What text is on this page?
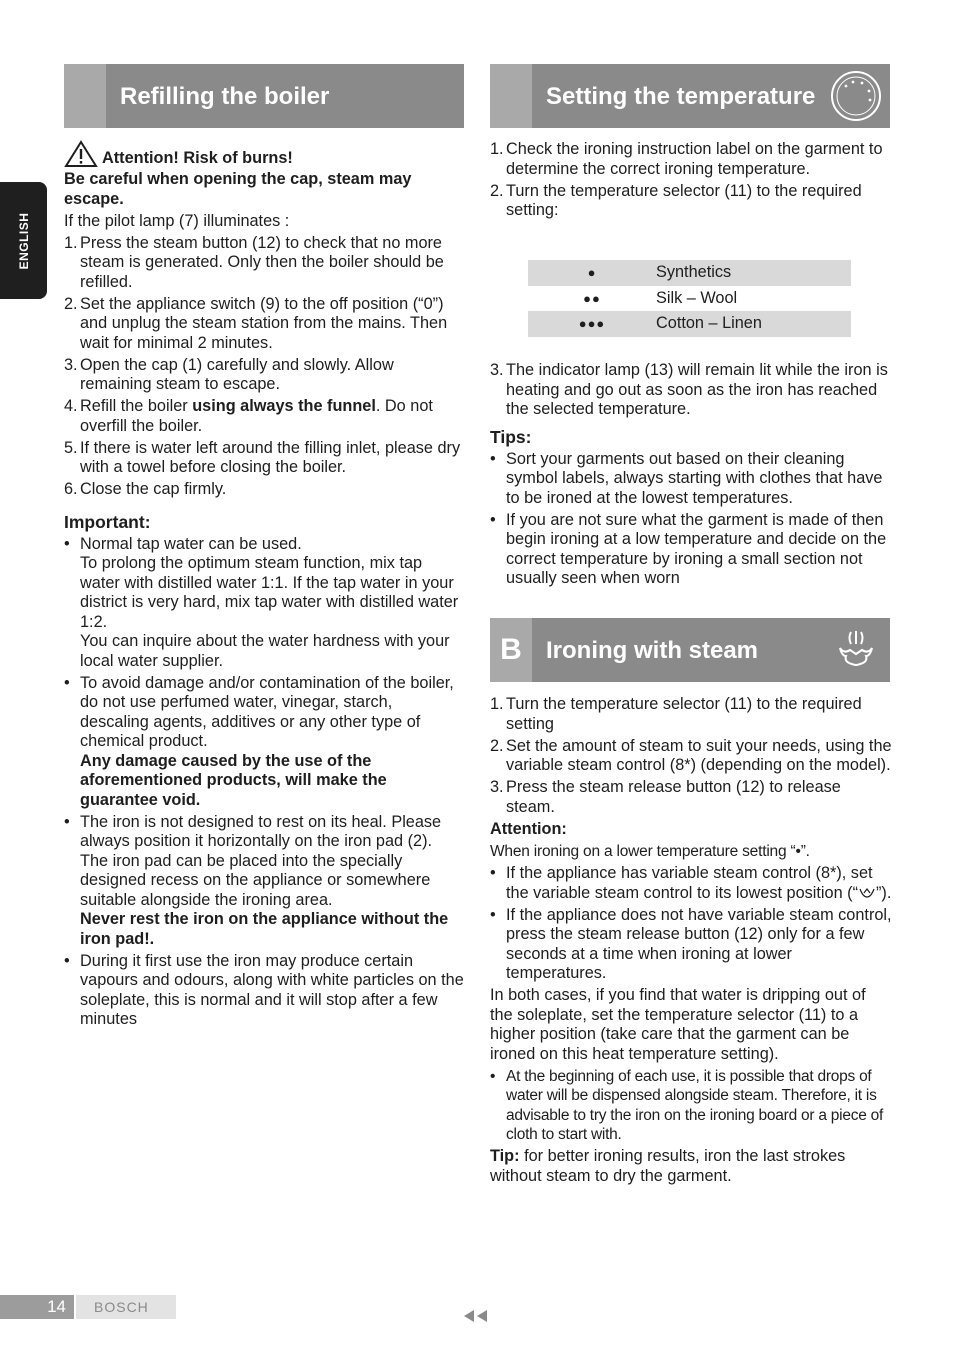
ENGLISH
Refilling the boiler

Attention! Risk of burns!

Be careful when opening the cap, steam may escape.

If the pilot lamp (7) illuminates :

1. Press the steam button (12) to check that no more steam is generated. Only then the boiler should be refilled.
2. Set the appliance switch (9) to the off position (“0”) and unplug the steam station from the mains. Then wait for minimal 2 minutes.
3. Open the cap (1) carefully and slowly. Allow remaining steam to escape.
4. Refill the boiler using always the funnel. Do not overfill the boiler.
5. If there is water left around the filling inlet, please dry with a towel before closing the boiler.
6. Close the cap firmly.

Important:

• Normal tap water can be used.

To prolong the optimum steam function, mix tap water with distilled water 1:1. If the tap water in your district is very hard, mix tap water with distilled water 1:2.

You can inquire about the water hardness with your local water supplier.

• To avoid damage and/or contamination of the boiler, do not use perfumed water, vinegar, starch, descaling agents, additives or any other type of chemical product.

Any damage caused by the use of the aforementioned products, will make the guarantee void.

• The iron is not designed to rest on its heal. Please always position it horizontally on the iron pad (2). The iron pad can be placed into the specially designed recess on the appliance or somewhere suitable alongside the ironing area.

Never rest the iron on the appliance without the iron pad!.

• During it first use the iron may produce certain vapours and odours, along with white particles on the soleplate, this is normal and it will stop after a few minutes
Setting the temperature
1. Check the ironing instruction label on the garment to determine the correct ironing temperature.
2. Turn the temperature selector (11) to the required setting:
●	Synthetics
●●	Silk – Wool
●●●	Cotton – Linen
3. The indicator lamp (13) will remain lit while the iron is heating and go out as soon as the iron has reached the selected temperature.

Tips:

• Sort your garments out based on their cleaning symbol labels, always starting with clothes that have to be ironed at the lowest temperatures.
• If you are not sure what the garment is made of then begin ironing at a low temperature and decide on the correct temperature by ironing a small section not usually seen when worn
B	Ironing with steam
1. Turn the temperature selector (11) to the required setting
2. Set the amount of steam to suit your needs, using the variable steam control (8*) (depending on the model).
3. Press the steam release button (12) to release steam.

Attention:

When ironing on a lower temperature setting “•”.

• If the appliance has variable steam control (8*), set the variable steam control to its lowest position (“ ”).
• If the appliance does not have variable steam control, press the steam release button (12) only for a few seconds at a time when ironing at lower temperatures.

In both cases, if you find that water is dripping out of the soleplate, set the temperature selector (11) to a higher position (take care that the garment can be ironed on this heat temperature setting).

• At the beginning of each use, it is possible that drops of water will be dispensed alongside steam. Therefore, it is advisable to try the iron on the ironing board or a piece of cloth to start with.

Tip: for better ironing results, iron the last strokes without steam to dry the garment.

14	BOSCH
